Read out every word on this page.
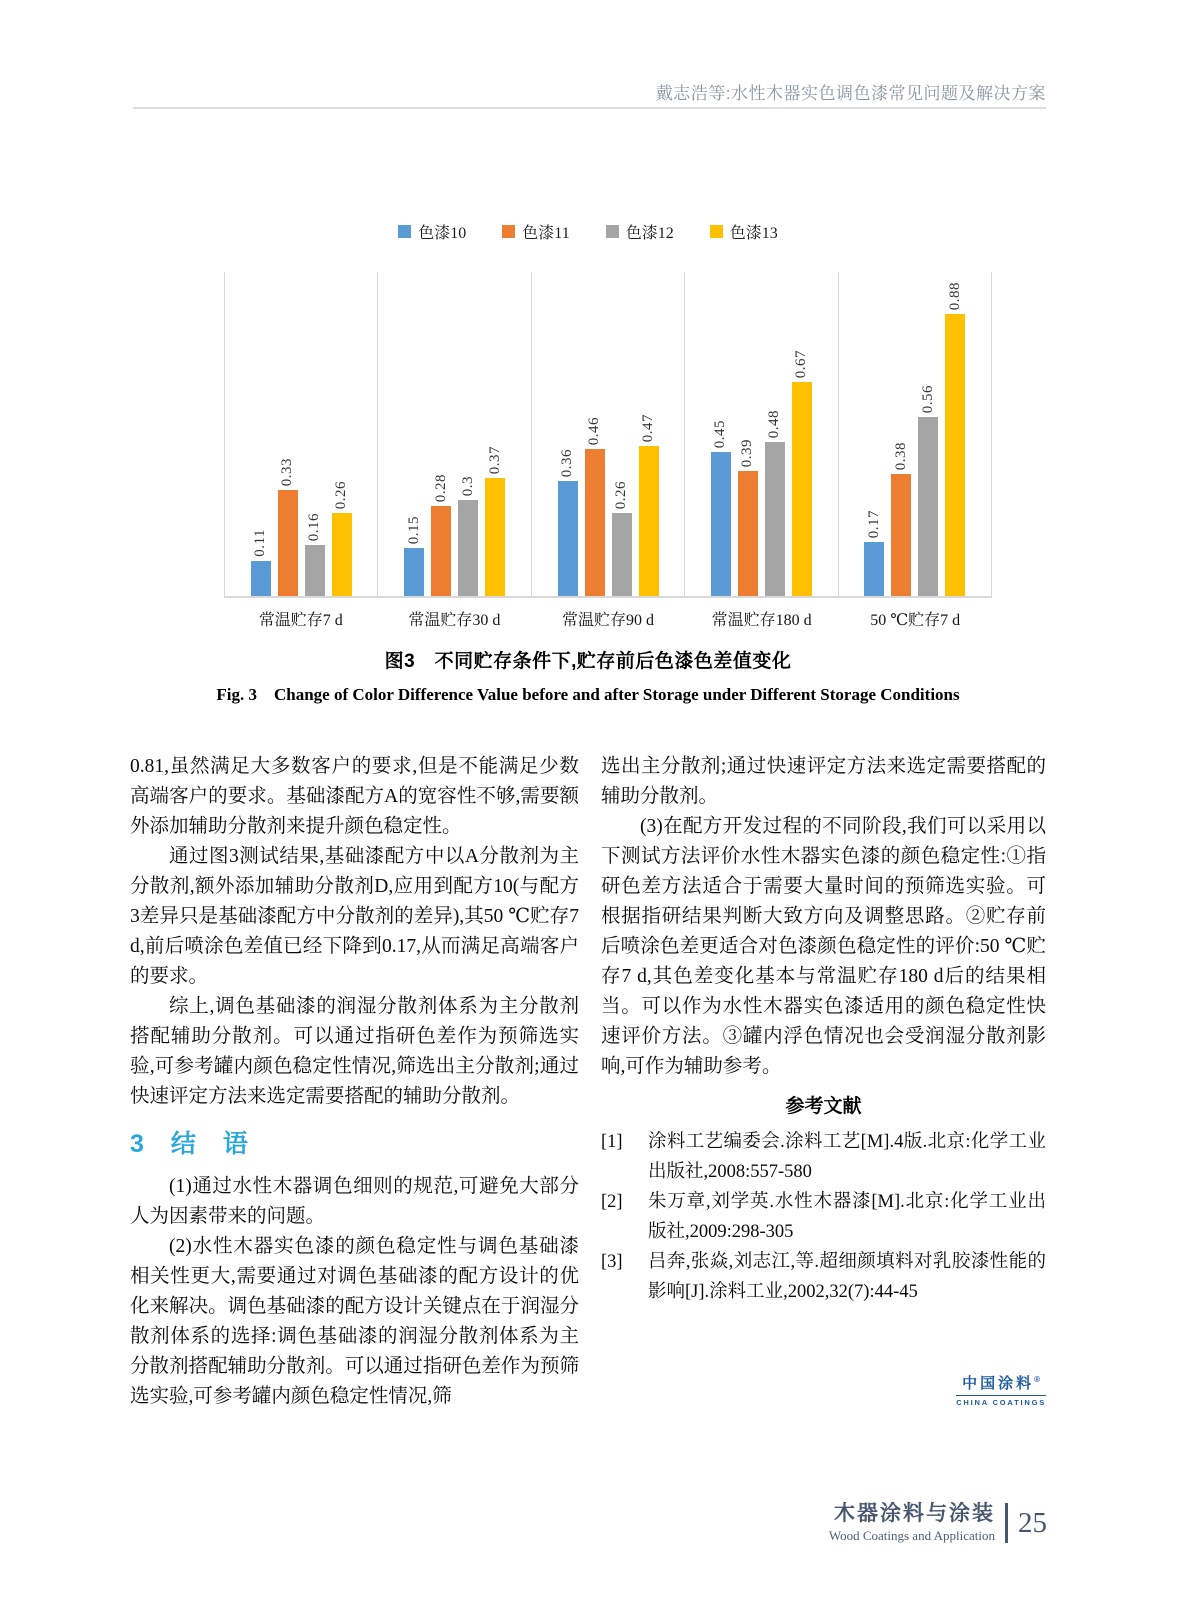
戴志浩等:水性木器实色调色漆常见问题及解决方案
色漆10	色漆11	色漆12	色漆13
0.11
0.33
0.16
0.26
0.15
0.28 0.3
0.37	0.36
0.46
0.26
0.47	0.45
0.39
0.48
0.67
0.17
0.38
0.56
0.88
常温贮存7 d	常温贮存30 d	常温贮存90 d	常温贮存180 d	50 ℃贮存7 d
图3　不同贮存条件下,贮存前后色漆色差值变化
Fig. 3　Change of Color Difference Value before and after Storage under Different Storage Conditions

0.81,虽然满足大多数客户的要求,但是不能满足少数高端客户的要求。基础漆配方A的宽容性不够,需要额外添加辅助分散剂来提升颜色稳定性。

通过图3测试结果,基础漆配方中以A分散剂为主分散剂,额外添加辅助分散剂D,应用到配方10(与配方3差异只是基础漆配方中分散剂的差异),其50 ℃贮存7 d,前后喷涂色差值已经下降到0.17,从而满足高端客户的要求。

综上,调色基础漆的润湿分散剂体系为主分散剂搭配辅助分散剂。可以通过指研色差作为预筛选实验,可参考罐内颜色稳定性情况,筛选出主分散剂;通过快速评定方法来选定需要搭配的辅助分散剂。

3　结　语

(1)通过水性木器调色细则的规范,可避免大部分人为因素带来的问题。

(2)水性木器实色漆的颜色稳定性与调色基础漆相关性更大,需要通过对调色基础漆的配方设计的优化来解决。调色基础漆的配方设计关键点在于润湿分散剂体系的选择:调色基础漆的润湿分散剂体系为主分散剂搭配辅助分散剂。可以通过指研色差作为预筛选实验,可参考罐内颜色稳定性情况,筛

选出主分散剂;通过快速评定方法来选定需要搭配的辅助分散剂。

(3)在配方开发过程的不同阶段,我们可以采用以下测试方法评价水性木器实色漆的颜色稳定性:①指研色差方法适合于需要大量时间的预筛选实验。可根据指研结果判断大致方向及调整思路。②贮存前后喷涂色差更适合对色漆颜色稳定性的评价:50 ℃贮存7 d,其色差变化基本与常温贮存180 d后的结果相当。可以作为水性木器实色漆适用的颜色稳定性快速评价方法。③罐内浮色情况也会受润湿分散剂影响,可作为辅助参考。

参考文献
[1] 涂料工艺编委会.涂料工艺[M].4版.北京:化学工业出版社,2008:557-580
[2] 朱万章,刘学英.水性木器漆[M].北京:化学工业出版社,2009:298-305
[3] 吕奔,张焱,刘志江,等.超细颜填料对乳胶漆性能的影响[J].涂料工业,2002,32(7):44-45
中国涂料®
CHINA COATINGS
木器涂料与涂装
Wood Coatings and Application 25
